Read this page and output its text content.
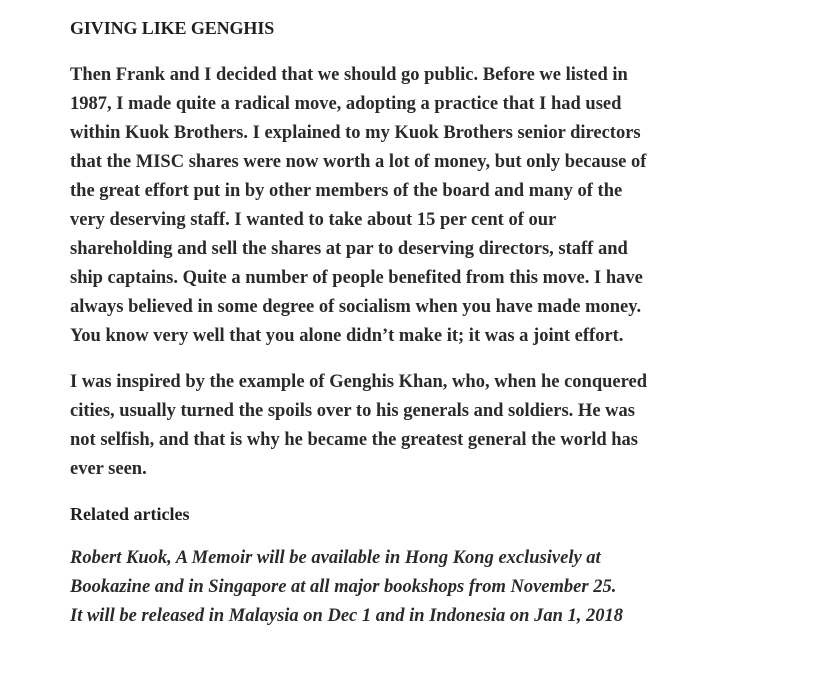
GIVING LIKE GENGHIS

Then Frank and I decided that we should go public. Before we listed in
1987, I made quite a radical move, adopting a practice that I had used
within Kuok Brothers. I explained to my Kuok Brothers senior directors
that the MISC shares were now worth a lot of money, but only because of
the great effort put in by other members of the board and many of the
very deserving staff. I wanted to take about 15 per cent of our
shareholding and sell the shares at par to deserving directors, staff and
ship captains. Quite a number of people benefited from this move. I have
always believed in some degree of socialism when you have made money.
You know very well that you alone didn’t make it; it was a joint effort.

I was inspired by the example of Genghis Khan, who, when he conquered
cities, usually turned the spoils over to his generals and soldiers. He was
not selfish, and that is why he became the greatest general the world has
ever seen.

Related articles

Robert Kuok, A Memoir will be available in Hong Kong exclusively at
Bookazine and in Singapore at all major bookshops from November 25.
It will be released in Malaysia on Dec 1 and in Indonesia on Jan 1, 2018
